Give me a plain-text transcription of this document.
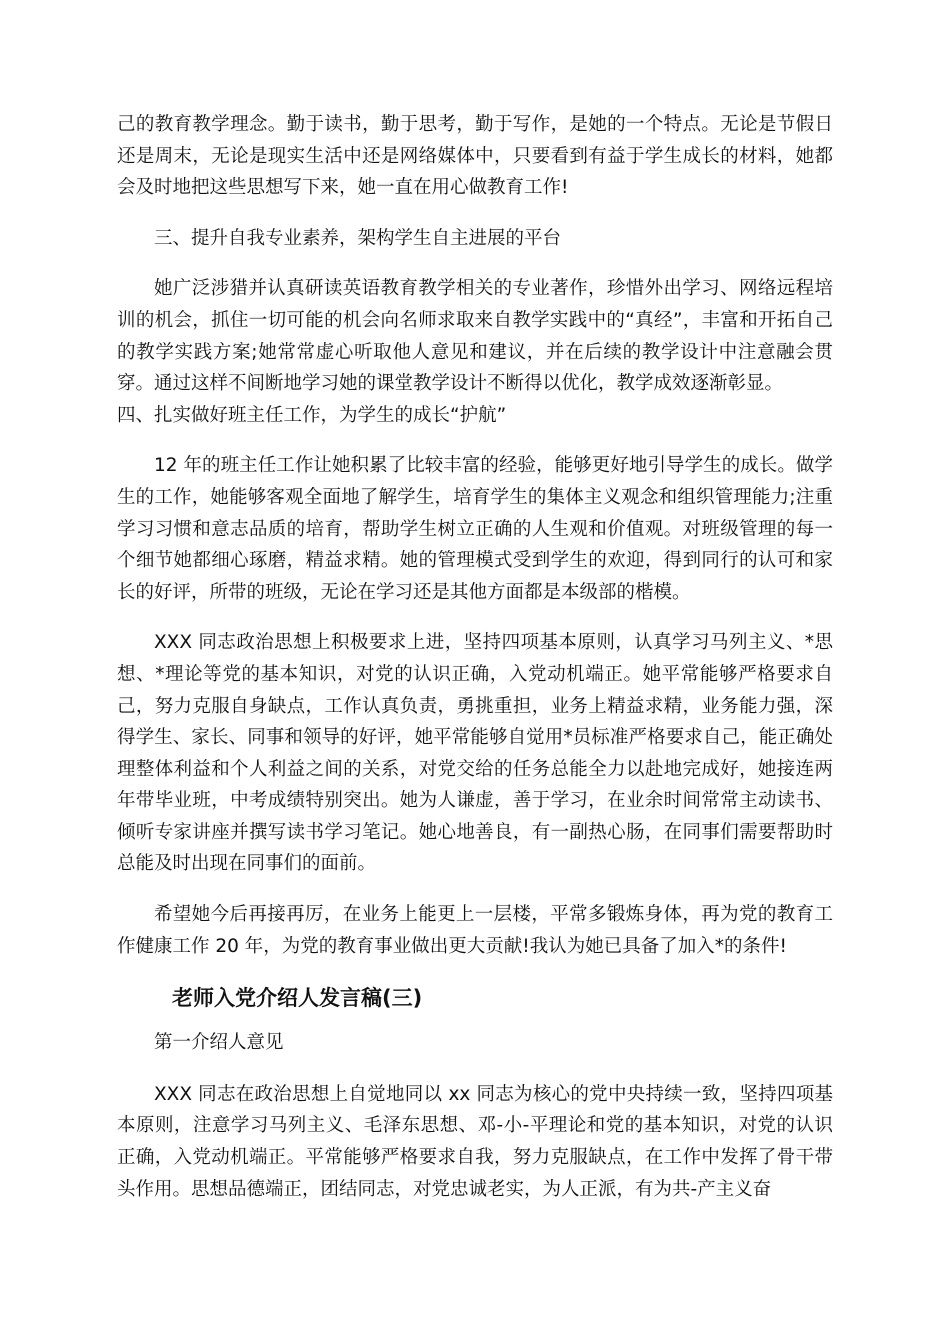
己的教育教学理念。勤于读书，勤于思考，勤于写作，是她的一个特点。无论是节假日还是周末，无论是现实生活中还是网络媒体中，只要看到有益于学生成长的材料，她都会及时地把这些思想写下来，她一直在用心做教育工作!

三、提升自我专业素养，架构学生自主进展的平台

她广泛涉猎并认真研读英语教育教学相关的专业著作，珍惜外出学习、网络远程培训的机会，抓住一切可能的机会向名师求取来自教学实践中的“真经”，丰富和开拓自己的教学实践方案;她常常虚心听取他人意见和建议，并在后续的教学设计中注意融会贯穿。通过这样不间断地学习她的课堂教学设计不断得以优化，教学成效逐渐彰显。

四、扎实做好班主任工作，为学生的成长“护航”

12 年的班主任工作让她积累了比较丰富的经验，能够更好地引导学生的成长。做学生的工作，她能够客观全面地了解学生，培育学生的集体主义观念和组织管理能力;注重学习习惯和意志品质的培育，帮助学生树立正确的人生观和价值观。对班级管理的每一个细节她都细心琢磨，精益求精。她的管理模式受到学生的欢迎，得到同行的认可和家长的好评，所带的班级，无论在学习还是其他方面都是本级部的楷模。

XXX 同志政治思想上积极要求上进，坚持四项基本原则，认真学习马列主义、*思想、*理论等党的基本知识，对党的认识正确，入党动机端正。她平常能够严格要求自己，努力克服自身缺点，工作认真负责，勇挑重担，业务上精益求精，业务能力强，深得学生、家长、同事和领导的好评，她平常能够自觉用*员标准严格要求自己，能正确处理整体利益和个人利益之间的关系，对党交给的任务总能全力以赴地完成好，她接连两年带毕业班，中考成绩特别突出。她为人谦虚，善于学习，在业余时间常常主动读书、倾听专家讲座并撰写读书学习笔记。她心地善良，有一副热心肠，在同事们需要帮助时总能及时出现在同事们的面前。

希望她今后再接再厉，在业务上能更上一层楼，平常多锻炼身体，再为党的教育工作健康工作 20 年，为党的教育事业做出更大贡献!我认为她已具备了加入*的条件!

老师入党介绍人发言稿(三)

第一介绍人意见

XXX 同志在政治思想上自觉地同以 xx 同志为核心的党中央持续一致，坚持四项基本原则，注意学习马列主义、毛泽东思想、邓-小-平理论和党的基本知识，对党的认识正确，入党动机端正。平常能够严格要求自我，努力克服缺点，在工作中发挥了骨干带头作用。思想品德端正，团结同志，对党忠诚老实，为人正派，有为共-产主义奋
